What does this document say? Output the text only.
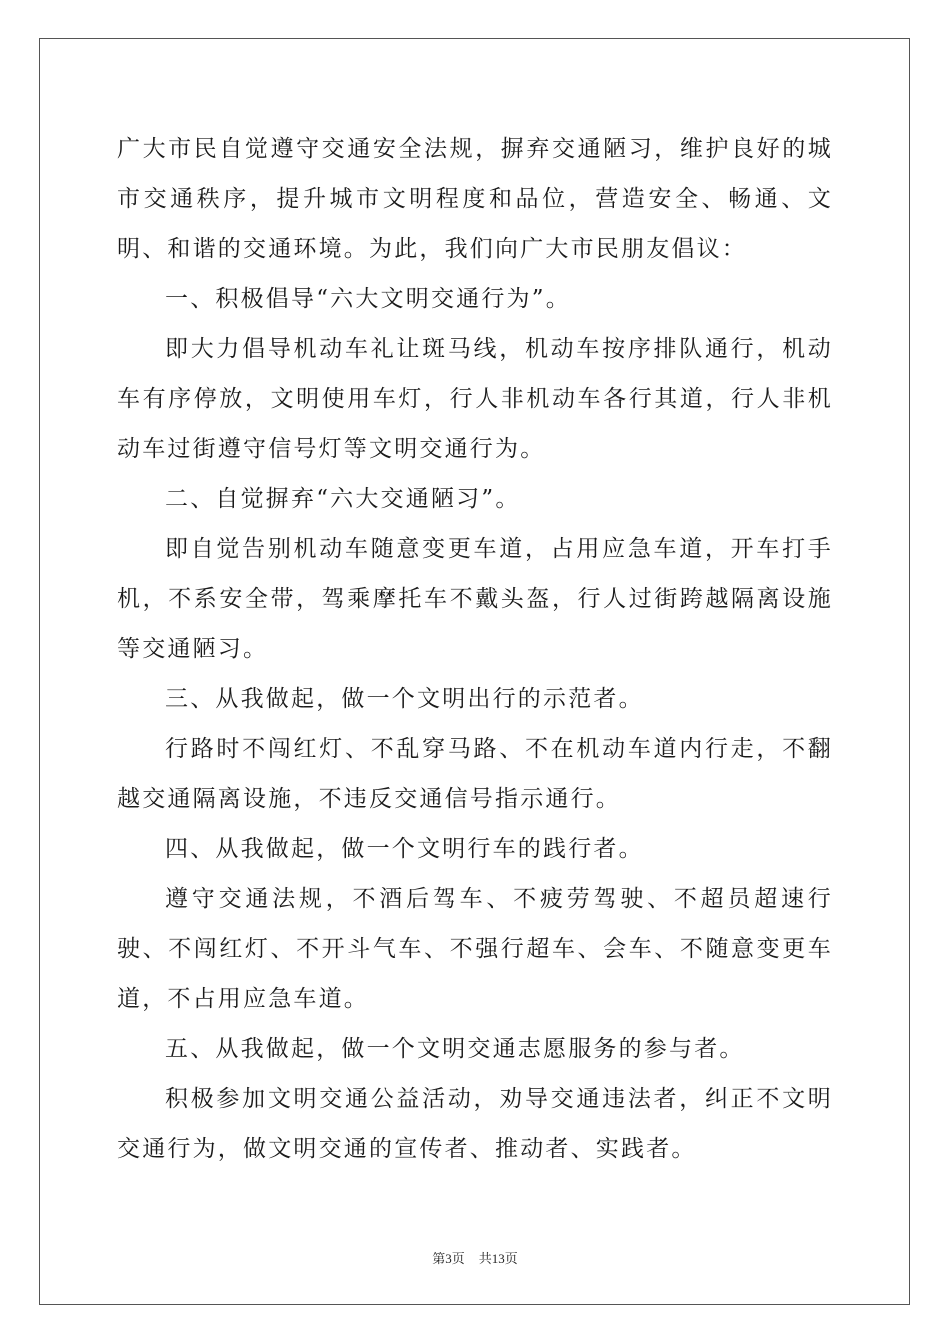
广大市民自觉遵守交通安全法规，摒弃交通陋习，维护良好的城市交通秩序，提升城市文明程度和品位，营造安全、畅通、文明、和谐的交通环境。为此，我们向广大市民朋友倡议：

一、积极倡导“六大文明交通行为”。

即大力倡导机动车礼让斑马线，机动车按序排队通行，机动车有序停放，文明使用车灯，行人非机动车各行其道，行人非机动车过街遵守信号灯等文明交通行为。

二、自觉摒弃“六大交通陋习”。

即自觉告别机动车随意变更车道，占用应急车道，开车打手机，不系安全带，驾乘摩托车不戴头盔，行人过街跨越隔离设施等交通陋习。

三、从我做起，做一个文明出行的示范者。

行路时不闯红灯、不乱穿马路、不在机动车道内行走，不翻越交通隔离设施，不违反交通信号指示通行。

四、从我做起，做一个文明行车的践行者。

遵守交通法规，不酒后驾车、不疲劳驾驶、不超员超速行驶、不闯红灯、不开斗气车、不强行超车、会车、不随意变更车道，不占用应急车道。

五、从我做起，做一个文明交通志愿服务的参与者。

积极参加文明交通公益活动，劝导交通违法者，纠正不文明交通行为，做文明交通的宣传者、推动者、实践者。

第3页 共13页
